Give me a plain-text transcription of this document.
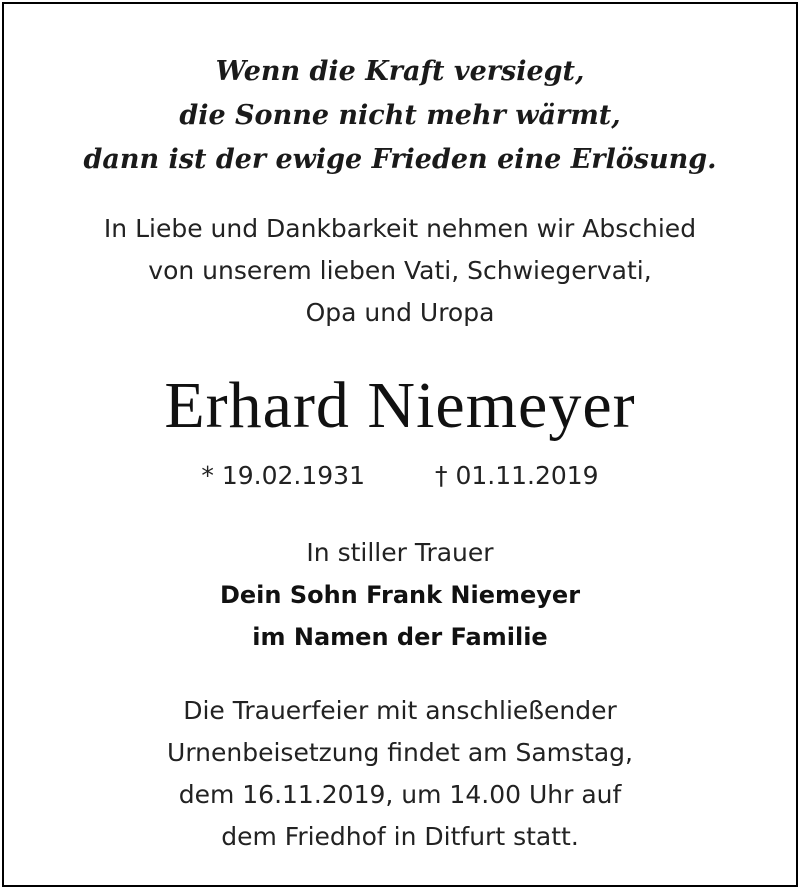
Wenn die Kraft versiegt,
die Sonne nicht mehr wärmt,
dann ist der ewige Frieden eine Erlösung.
In Liebe und Dankbarkeit nehmen wir Abschied
von unserem lieben Vati, Schwiegervati,
Opa und Uropa
Erhard Niemeyer
* 19.02.1931	† 01.11.2019
In stiller Trauer
Dein Sohn Frank Niemeyer
im Namen der Familie
Die Trauerfeier mit anschließender
Urnenbeisetzung findet am Samstag,
dem 16.11.2019, um 14.00 Uhr auf
dem Friedhof in Ditfurt statt.
